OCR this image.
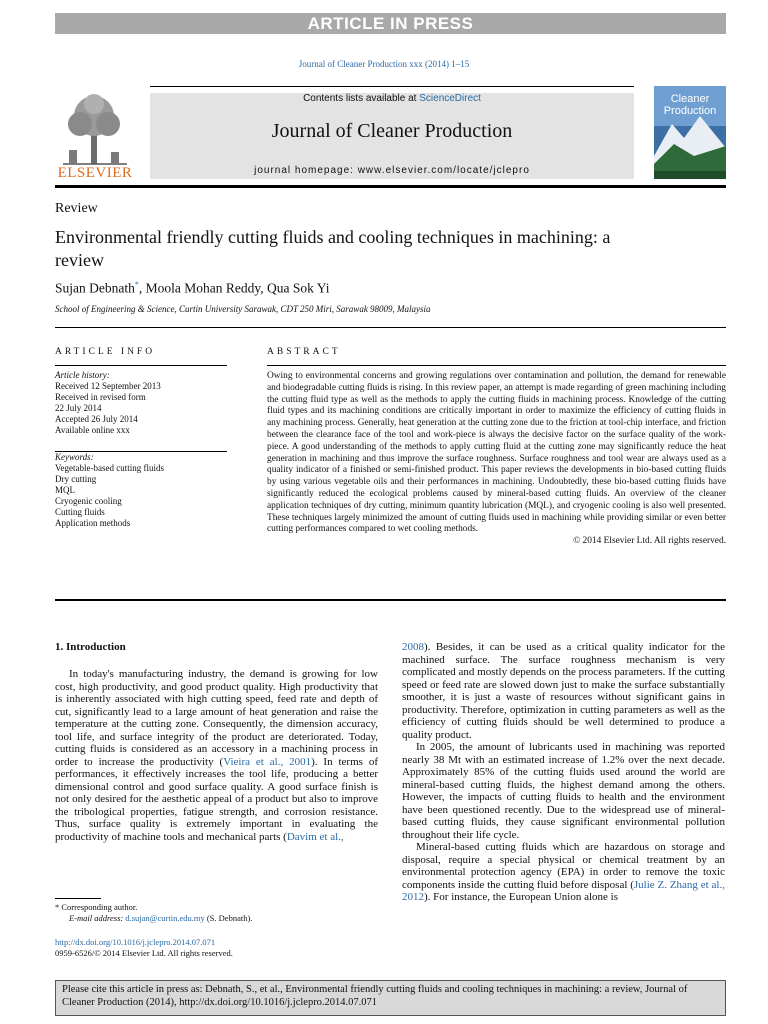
ARTICLE IN PRESS
Journal of Cleaner Production xxx (2014) 1–15
ELSEVIER
Contents lists available at ScienceDirect
Journal of Cleaner Production
journal homepage: www.elsevier.com/locate/jclepro
Cleaner
Production
Review
Environmental friendly cutting fluids and cooling techniques in machining: a review
Sujan Debnath*, Moola Mohan Reddy, Qua Sok Yi
School of Engineering & Science, Curtin University Sarawak, CDT 250 Miri, Sarawak 98009, Malaysia
ARTICLE INFO	ABSTRACT
Article history:
Received 12 September 2013
Received in revised form
22 July 2014
Accepted 26 July 2014
Available online xxx
Keywords:
Vegetable-based cutting fluids
Dry cutting
MQL
Cryogenic cooling
Cutting fluids
Application methods
Owing to environmental concerns and growing regulations over contamination and pollution, the demand for renewable and biodegradable cutting fluids is rising. In this review paper, an attempt is made regarding of green machining including the cutting fluid type as well as the methods to apply the cutting fluids in machining process. Knowledge of the cutting fluid types and its machining conditions are critically important in order to maximize the efficiency of cutting fluids in any machining process. Generally, heat generation at the cutting zone due to the friction at tool-chip interface, and friction between the clearance face of the tool and work-piece is always the decisive factor on the surface quality of the work-piece. A good understanding of the methods to apply cutting fluid at the cutting zone may significantly reduce the heat generation in machining and thus improve the surface roughness. Surface roughness and tool wear are always used as a quality indicator of a finished or semi-finished product. This paper reviews the developments in bio-based cutting fluids by using various vegetable oils and their performances in machining. Undoubtedly, these bio-based cutting fluids have significantly reduced the ecological problems caused by mineral-based cutting fluids. An overview of the cleaner application techniques of dry cutting, minimum quantity lubrication (MQL), and cryogenic cooling is also well presented. These techniques largely minimized the amount of cutting fluids used in machining while providing similar or even better cutting performances compared to wet cooling methods.
© 2014 Elsevier Ltd. All rights reserved.
1. Introduction

In today's manufacturing industry, the demand is growing for low cost, high productivity, and good product quality. High productivity that is inherently associated with high cutting speed, feed rate and depth of cut, significantly lead to a large amount of heat generation and raise the temperature at the cutting zone. Consequently, the dimension accuracy, tool life, and surface integrity of the product are deteriorated. Today, cutting fluids is considered as an accessory in a machining process in order to increase the productivity (Vieira et al., 2001). In terms of performances, it effectively increases the tool life, producing a better dimensional control and good surface quality. A good surface finish is not only desired for the aesthetic appeal of a product but also to improve the tribological properties, fatigue strength, and corrosion resistance. Thus, surface quality is extremely important in evaluating the productivity of machine tools and mechanical parts (Davim et al.,

2008). Besides, it can be used as a critical quality indicator for the machined surface. The surface roughness mechanism is very complicated and mostly depends on the process parameters. If the cutting speed or feed rate are slowed down just to make the surface substantially smoother, it is just a waste of resources without significant gains in productivity. Therefore, optimization in cutting parameters as well as the efficiency of cutting fluids should be well determined to produce a quality product.

In 2005, the amount of lubricants used in machining was reported nearly 38 Mt with an estimated increase of 1.2% over the next decade. Approximately 85% of the cutting fluids used around the world are mineral-based cutting fluids, the highest demand among the others. However, the impacts of cutting fluids to health and the environment have been questioned recently. Due to the widespread use of mineral-based cutting fluids, they cause significant environmental pollution throughout their life cycle.

Mineral-based cutting fluids which are hazardous on storage and disposal, require a special physical or chemical treatment by an environmental protection agency (EPA) in order to remove the toxic components inside the cutting fluid before disposal (Julie Z. Zhang et al., 2012). For instance, the European Union alone is

* Corresponding author.
E-mail address: d.sujan@curtin.edu.my (S. Debnath).
http://dx.doi.org/10.1016/j.jclepro.2014.07.071
0959-6526/© 2014 Elsevier Ltd. All rights reserved.
Please cite this article in press as: Debnath, S., et al., Environmental friendly cutting fluids and cooling techniques in machining: a review, Journal of Cleaner Production (2014), http://dx.doi.org/10.1016/j.jclepro.2014.07.071
